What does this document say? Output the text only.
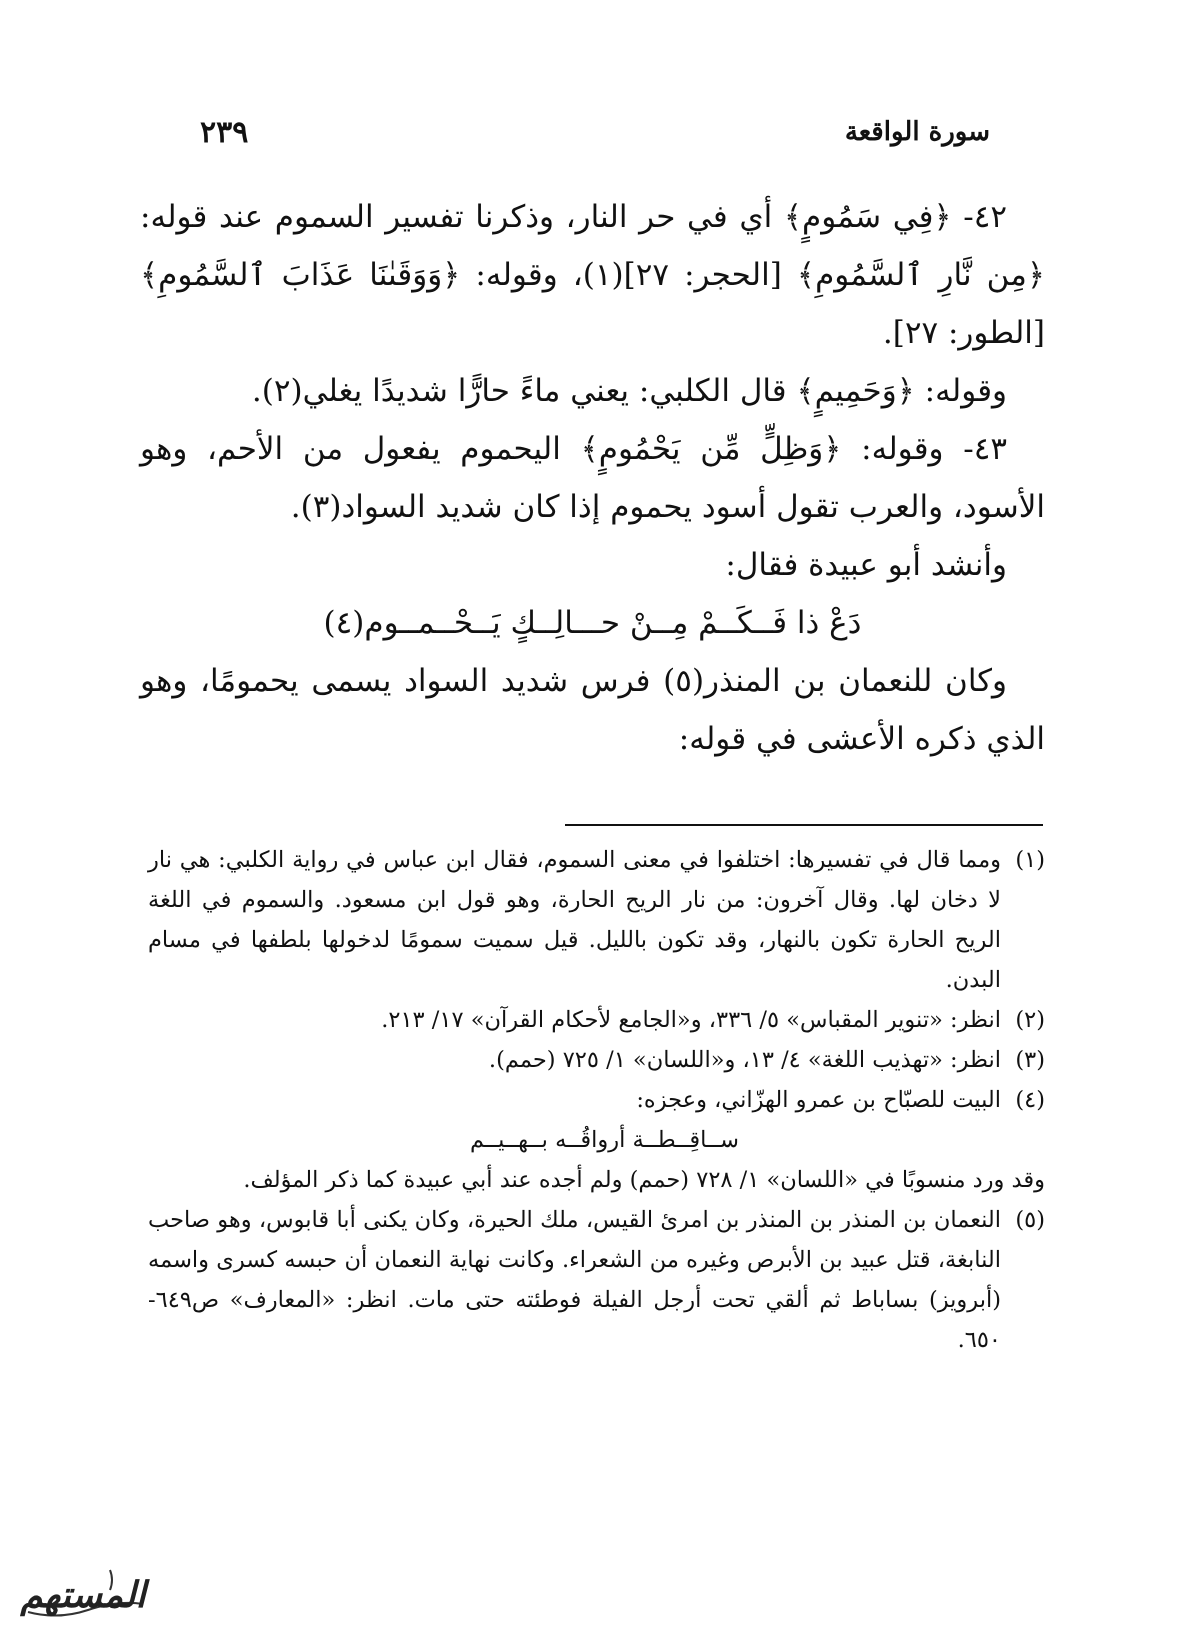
سورة الواقعة
٢٣٩

٤٢- ﴿فِي سَمُومٍ﴾ أي في حر النار، وذكرنا تفسير السموم عند قوله: ﴿مِن نَّارِ ٱلسَّمُومِ﴾ [الحجر: ٢٧](١)، وقوله: ﴿وَوَقَىٰنَا عَذَابَ ٱلسَّمُومِ﴾ [الطور: ٢٧].

وقوله: ﴿وَحَمِيمٍ﴾ قال الكلبي: يعني ماءً حارًّا شديدًا يغلي(٢).

٤٣- وقوله: ﴿وَظِلٍّ مِّن يَحْمُومٍ﴾ اليحموم يفعول من الأحم، وهو الأسود، والعرب تقول أسود يحموم إذا كان شديد السواد(٣).

وأنشد أبو عبيدة فقال:

دَعْ ذا فَــكَــمْ مِــنْ حـــالِــكٍ يَــحْــمــوم(٤)

وكان للنعمان بن المنذر(٥) فرس شديد السواد يسمى يحمومًا، وهو الذي ذكره الأعشى في قوله:

(١)

ومما قال في تفسيرها: اختلفوا في معنى السموم، فقال ابن عباس في رواية الكلبي: هي نار لا دخان لها. وقال آخرون: من نار الريح الحارة، وهو قول ابن مسعود. والسموم في اللغة الريح الحارة تكون بالنهار، وقد تكون بالليل. قيل سميت سمومًا لدخولها بلطفها في مسام البدن.

(٢)

انظر: «تنوير المقباس» ٥/ ٣٣٦، و«الجامع لأحكام القرآن» ١٧/ ٢١٣.

(٣)

انظر: «تهذيب اللغة» ٤/ ١٣، و«اللسان» ١/ ٧٢٥ (حمم).

(٤)

البيت للصبّاح بن عمرو الهزّاني، وعجزه:

ســاقِــطــة أرواقُــه بــهــيــم

وقد ورد منسوبًا في «اللسان» ١/ ٧٢٨ (حمم) ولم أجده عند أبي عبيدة كما ذكر المؤلف.

(٥)

النعمان بن المنذر بن المنذر بن امرئ القيس، ملك الحيرة، وكان يكنى أبا قابوس، وهو صاحب النابغة، قتل عبيد بن الأبرص وغيره من الشعراء. وكانت نهاية النعمان أن حبسه كسرى واسمه (أبرويز) بساباط ثم ألقي تحت أرجل الفيلة فوطئته حتى مات. انظر: «المعارف» ص٦٤٩- ٦٥٠.

المستهم
